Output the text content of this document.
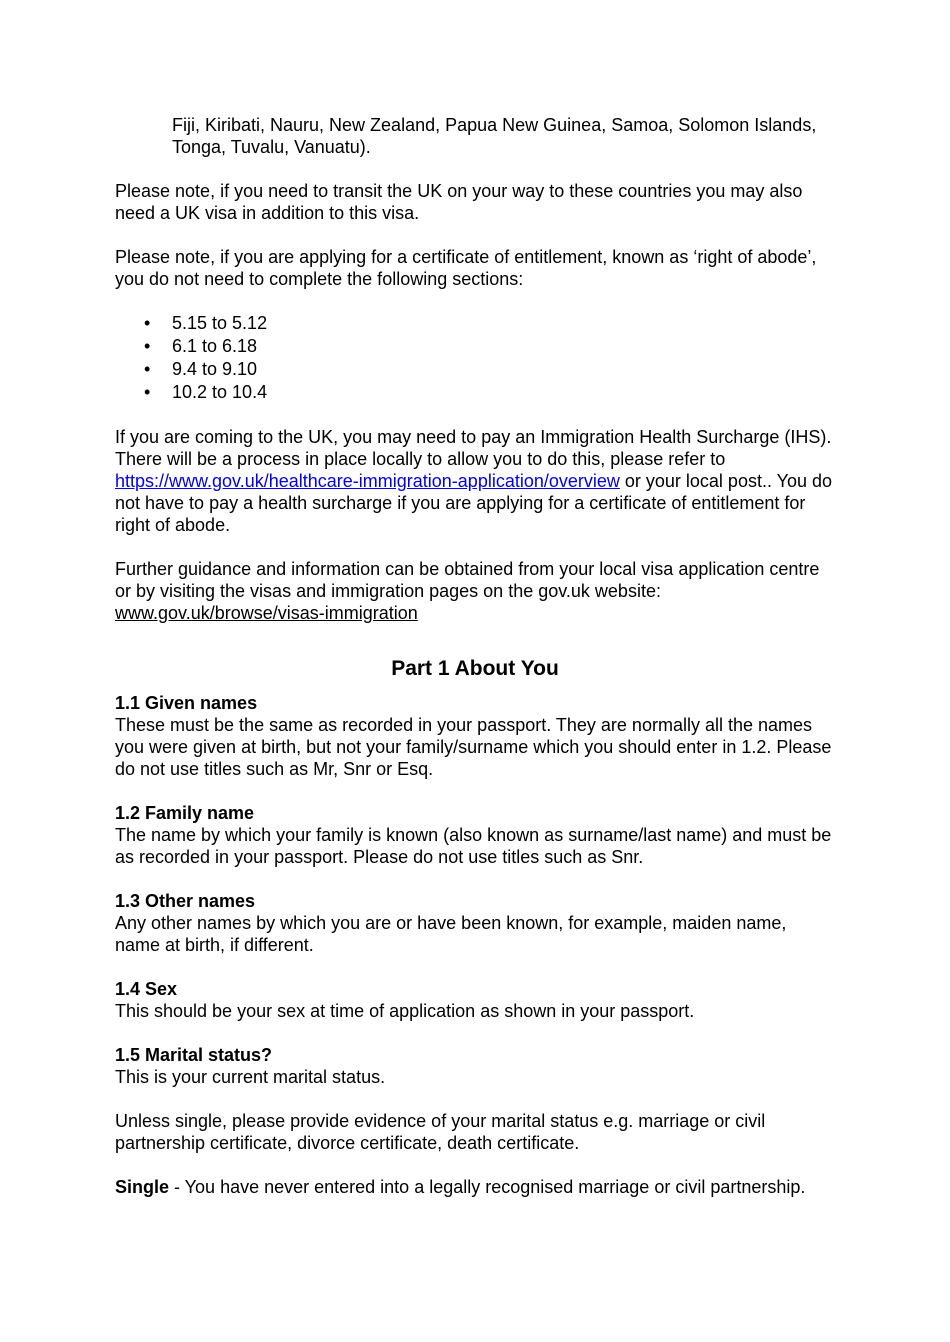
Fiji, Kiribati, Nauru, New Zealand, Papua New Guinea, Samoa, Solomon Islands, Tonga, Tuvalu, Vanuatu).

Please note, if you need to transit the UK on your way to these countries you may also need a UK visa in addition to this visa.

Please note, if you are applying for a certificate of entitlement, known as ‘right of abode’, you do not need to complete the following sections:

• 5.15 to 5.12
• 6.1 to 6.18
• 9.4 to 9.10
• 10.2 to 10.4

If you are coming to the UK, you may need to pay an Immigration Health Surcharge (IHS). There will be a process in place locally to allow you to do this, please refer to https://www.gov.uk/healthcare-immigration-application/overview or your local post.. You do not have to pay a health surcharge if you are applying for a certificate of entitlement for right of abode.

Further guidance and information can be obtained from your local visa application centre or by visiting the visas and immigration pages on the gov.uk website:
www.gov.uk/browse/visas-immigration

Part 1 About You
1.1 Given names

These must be the same as recorded in your passport. They are normally all the names you were given at birth, but not your family/surname which you should enter in 1.2. Please do not use titles such as Mr, Snr or Esq.

1.2 Family name

The name by which your family is known (also known as surname/last name) and must be as recorded in your passport. Please do not use titles such as Snr.

1.3 Other names

Any other names by which you are or have been known, for example, maiden name, name at birth, if different.

1.4 Sex

This should be your sex at time of application as shown in your passport.

1.5 Marital status?

This is your current marital status.

Unless single, please provide evidence of your marital status e.g. marriage or civil partnership certificate, divorce certificate, death certificate.

Single - You have never entered into a legally recognised marriage or civil partnership.
